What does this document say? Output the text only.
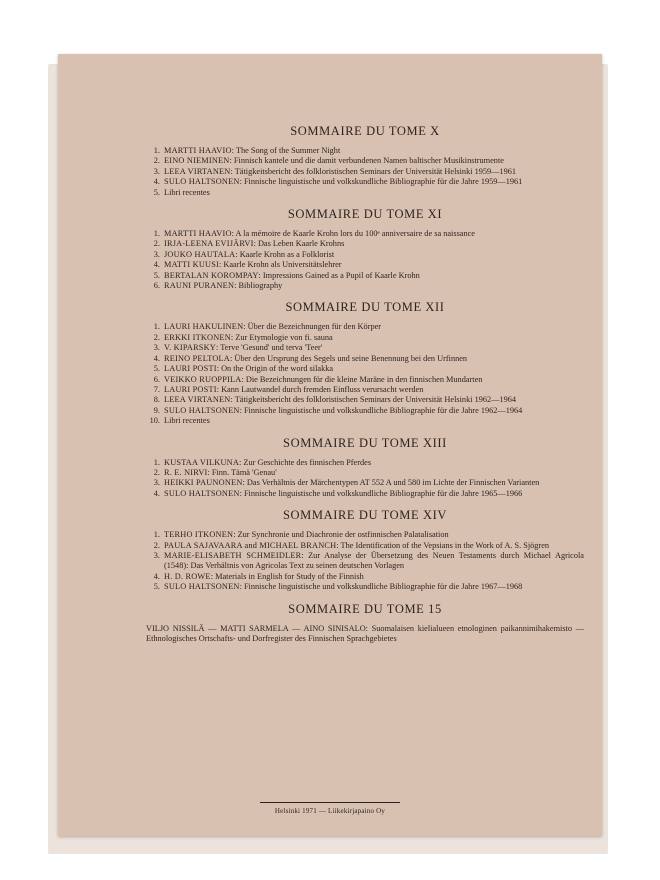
SOMMAIRE DU TOME X
1. MARTTI HAAVIO: The Song of the Summer Night
2. EINO NIEMINEN: Finnisch kantele und die damit verbundenen Namen baltischer Musikinstrumente
3. LEEA VIRTANEN: Tätigkeitsbericht des folkloristischen Seminars der Universität Helsinki 1959—1961
4. SULO HALTSONEN: Finnische linguistische und volkskundliche Bibliographie für die Jahre 1959—1961
5. Libri recentes
SOMMAIRE DU TOME XI
1. MARTTI HAAVIO: A la mémoire de Kaarle Krohn lors du 100ᵉ anniversaire de sa naissance
2. IRJA-LEENA EVIJÄRVI: Das Leben Kaarle Krohns
3. JOUKO HAUTALA: Kaarle Krohn as a Folklorist
4. MATTI KUUSI: Kaarle Krohn als Universitätslehrer
5. BERTALAN KOROMPAY: Impressions Gained as a Pupil of Kaarle Krohn
6. RAUNI PURANEN: Bibliography
SOMMAIRE DU TOME XII
1. LAURI HAKULINEN: Über die Bezeichnungen für den Körper
2. ERKKI ITKONEN: Zur Etymologie von fi. sauna
3. V. KIPARSKY: Terve 'Gesund' und terva 'Teer'
4. REINO PELTOLA: Über den Ursprung des Segels und seine Benennung bei den Urfinnen
5. LAURI POSTI: On the Origin of the word silakka
6. VEIKKO RUOPPILA: Die Bezeichnungen für die kleine Maräne in den finnischen Mundarten
7. LAURI POSTI: Kann Lautwandel durch fremden Einfluss verursacht werden
8. LEEA VIRTANEN: Tätigkeitsbericht des folkloristischen Seminars der Universität Helsinki 1962—1964
9. SULO HALTSONEN: Finnische linguistische und volkskundliche Bibliographie für die Jahre 1962—1964
10. Libri recentes
SOMMAIRE DU TOME XIII
1. KUSTAA VILKUNA: Zur Geschichte des finnischen Pferdes
2. R. E. NIRVI: Finn. Tämä 'Genau'
3. HEIKKI PAUNONEN: Das Verhältnis der Märchentypen AT 552 A und 580 im Lichte der Finnischen Varianten
4. SULO HALTSONEN: Finnische linguistische und volkskundliche Bibliographie für die Jahre 1965—1966
SOMMAIRE DU TOME XIV
1. TERHO ITKONEN: Zur Synchronie und Diachronie der ostfinnischen Palatalisation
2. PAULA SAJAVAARA and MICHAEL BRANCH: The Identification of the Vepsians in the Work of A. S. Sjögren
3. MARIE-ELISABETH SCHMEIDLER: Zur Analyse der Übersetzung des Neuen Testaments durch Michael Agricola (1548): Das Verhältnis von Agricolas Text zu seinen deutschen Vorlagen
4. H. D. ROWE: Materials in English for Study of the Finnish
5. SULO HALTSONEN: Finnische linguistische und volkskundliche Bibliographie für die Jahre 1967—1968
SOMMAIRE DU TOME 15

VILJO NISSILÄ — MATTI SARMELA — AINO SINISALO: Suomalaisen kielialueen etnologinen paikannimihakemisto — Ethnologisches Ortschafts- und Dorfregister des Finnischen Sprachgebietes

Helsinki 1971 — Liikekirjapaino Oy
